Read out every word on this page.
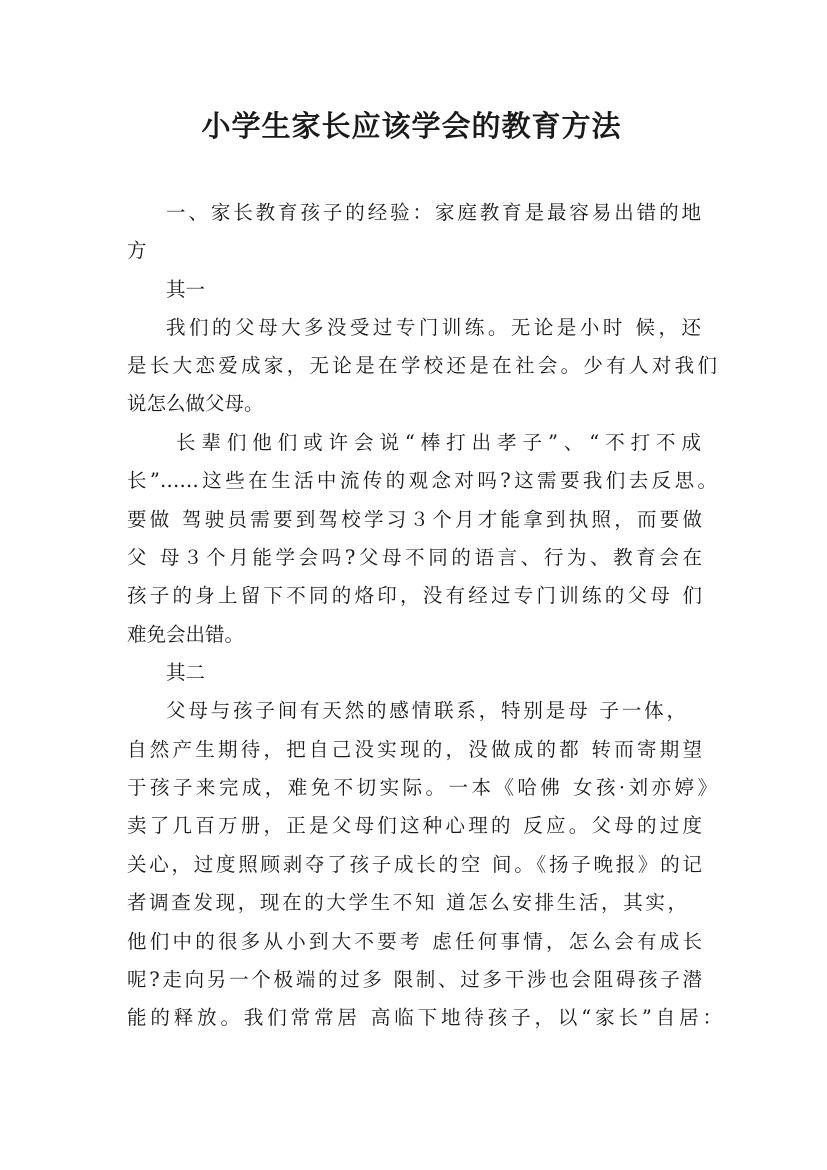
小学生家长应该学会的教育方法
一、家长教育孩子的经验：家庭教育是最容易出错的地
方
其一
我们的父母大多没受过专门训练。无论是小时 候，还
是长大恋爱成家，无论是在学校还是在社会。少有人对我们
说怎么做父母。
长辈们他们或许会说“棒打出孝子”、“不打不成
长”……这些在生活中流传的观念对吗?这需要我们去反思。
要做 驾驶员需要到驾校学习３个月才能拿到执照，而要做
父 母３个月能学会吗?父母不同的语言、行为、教育会在
孩子的身上留下不同的烙印，没有经过专门训练的父母 们
难免会出错。
其二
父母与孩子间有天然的感情联系，特别是母 子一体，
自然产生期待，把自己没实现的，没做成的都 转而寄期望
于孩子来完成，难免不切实际。一本《哈佛 女孩·刘亦婷》
卖了几百万册，正是父母们这种心理的 反应。父母的过度
关心，过度照顾剥夺了孩子成长的空 间。《扬子晚报》的记
者调查发现，现在的大学生不知 道怎么安排生活，其实，
他们中的很多从小到大不要考 虑任何事情，怎么会有成长
呢?走向另一个极端的过多 限制、过多干涉也会阻碍孩子潜
能的释放。我们常常居 高临下地待孩子，以“家长”自居：
